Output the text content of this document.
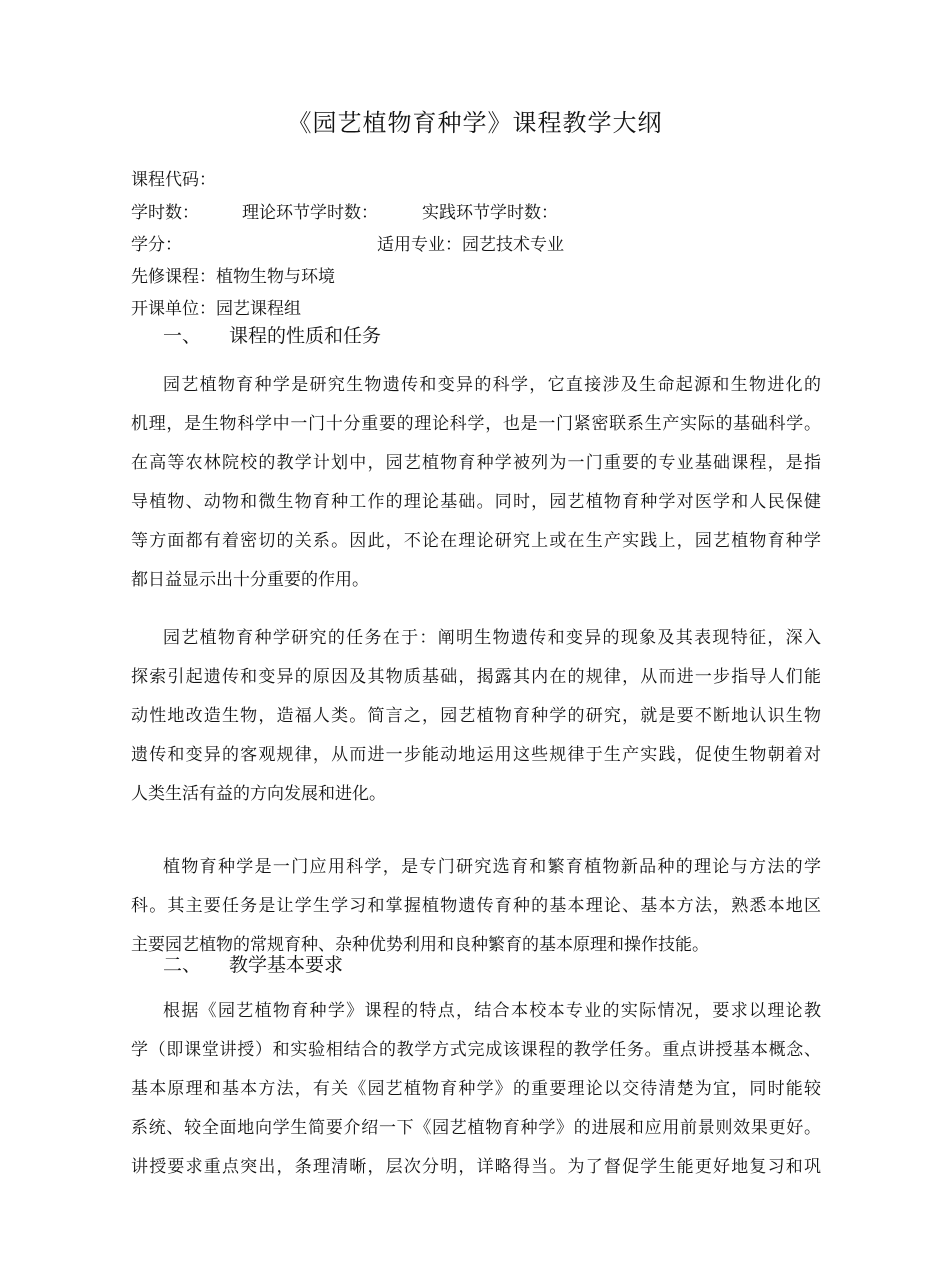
《园艺植物育种学》课程教学大纲
课程代码：
学时数：	理论环节学时数：	实践环节学时数：
学分：	适用专业：园艺技术专业
先修课程：植物生物与环境
开课单位：园艺课程组
一、 课程的性质和任务
园艺植物育种学是研究生物遗传和变异的科学，它直接涉及生命起源和生物进化的
机理，是生物科学中一门十分重要的理论科学，也是一门紧密联系生产实际的基础科学。
在高等农林院校的教学计划中，园艺植物育种学被列为一门重要的专业基础课程，是指
导植物、动物和微生物育种工作的理论基础。同时，园艺植物育种学对医学和人民保健
等方面都有着密切的关系。因此，不论在理论研究上或在生产实践上，园艺植物育种学
都日益显示出十分重要的作用。
园艺植物育种学研究的任务在于：阐明生物遗传和变异的现象及其表现特征，深入
探索引起遗传和变异的原因及其物质基础，揭露其内在的规律，从而进一步指导人们能
动性地改造生物，造福人类。简言之，园艺植物育种学的研究，就是要不断地认识生物
遗传和变异的客观规律，从而进一步能动地运用这些规律于生产实践，促使生物朝着对
人类生活有益的方向发展和进化。
植物育种学是一门应用科学，是专门研究选育和繁育植物新品种的理论与方法的学
科。其主要任务是让学生学习和掌握植物遗传育种的基本理论、基本方法，熟悉本地区
主要园艺植物的常规育种、杂种优势利用和良种繁育的基本原理和操作技能。
二、 教学基本要求
根据《园艺植物育种学》课程的特点，结合本校本专业的实际情况，要求以理论教
学（即课堂讲授）和实验相结合的教学方式完成该课程的教学任务。重点讲授基本概念、
基本原理和基本方法，有关《园艺植物育种学》的重要理论以交待清楚为宜，同时能较
系统、较全面地向学生简要介绍一下《园艺植物育种学》的进展和应用前景则效果更好。
讲授要求重点突出，条理清晰，层次分明，详略得当。为了督促学生能更好地复习和巩
